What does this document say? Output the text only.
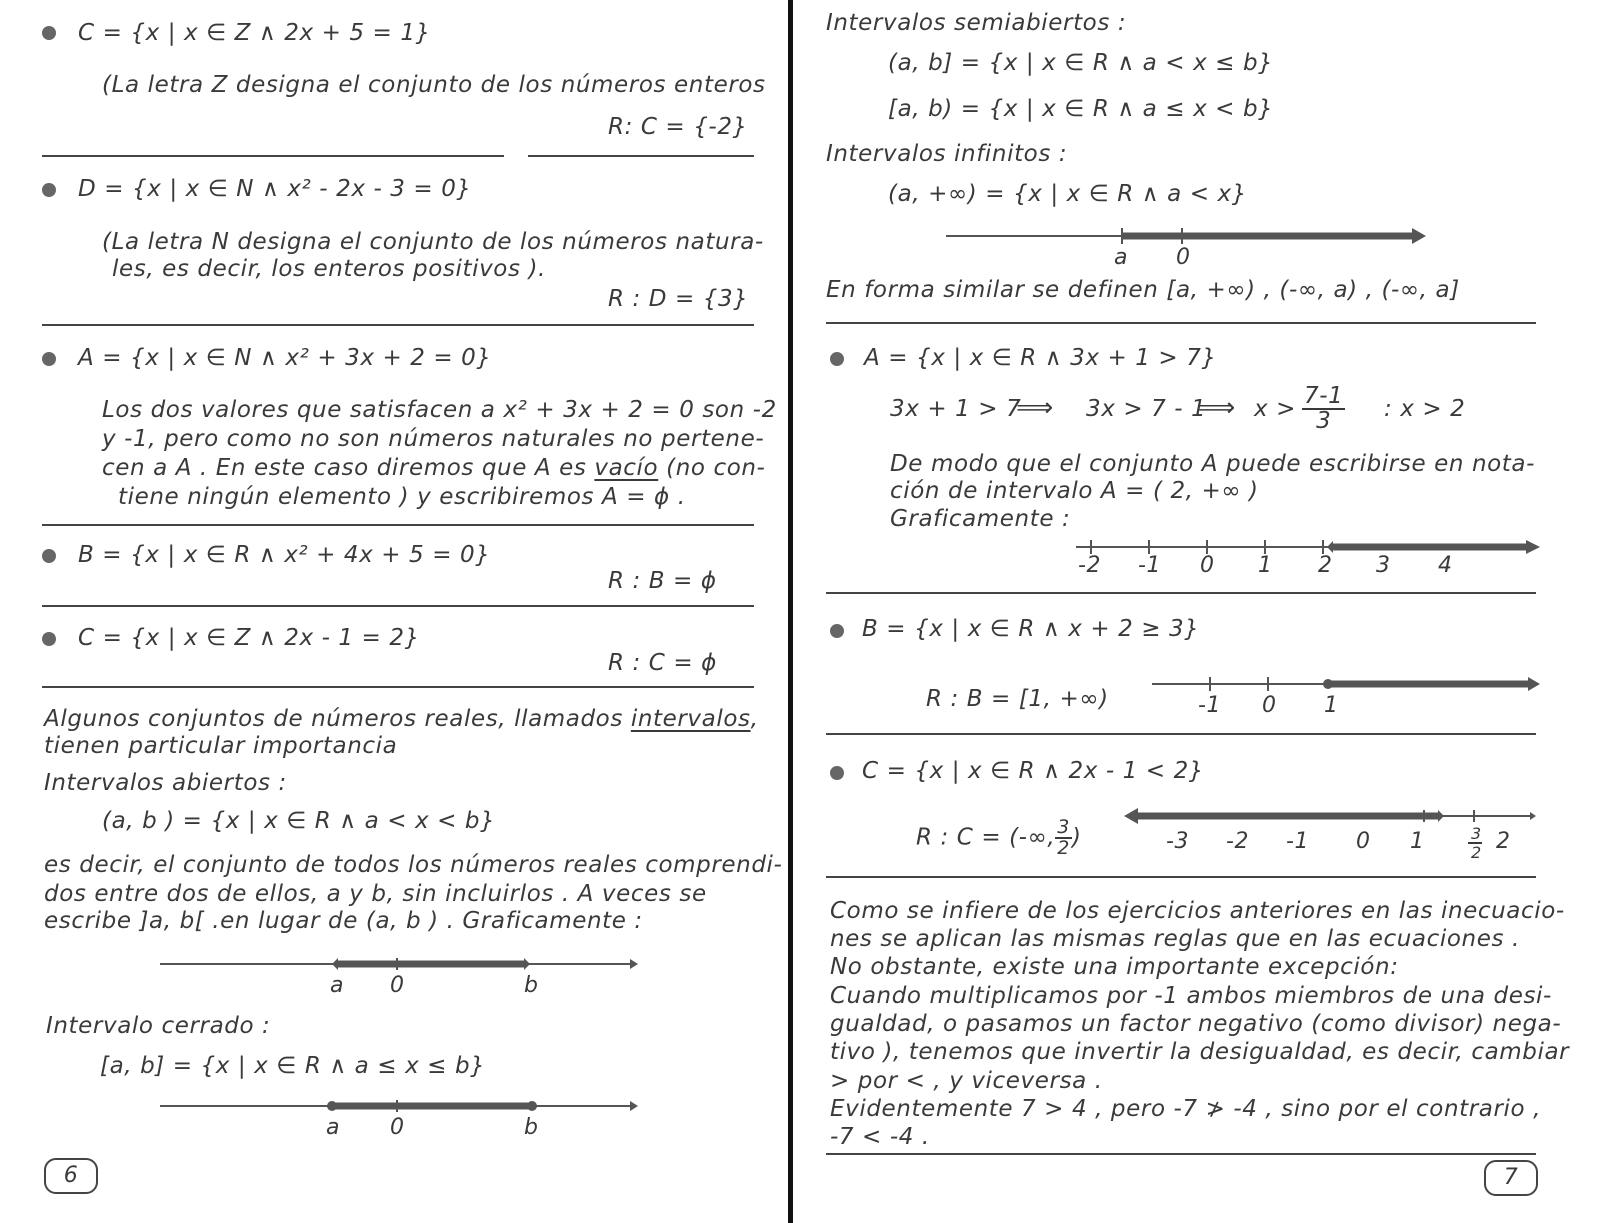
C = {x | x ∈ Z ∧ 2x + 5 = 1}
(La letra Z designa el conjunto de los números enteros
R: C = {-2}
D = {x | x ∈ N ∧ x² - 2x - 3 = 0}
(La letra N designa el conjunto de los números natura-
les, es decir, los enteros positivos ).
R : D = {3}
A = {x | x ∈ N ∧ x² + 3x + 2 = 0}
Los dos valores que satisfacen a x² + 3x + 2 = 0 son -2
y -1, pero como no son números naturales no pertene-
cen a A . En este caso diremos que A es vacío (no con-
tiene ningún elemento ) y escribiremos A = ϕ .
B = {x | x ∈ R ∧ x² + 4x + 5 = 0}
R : B = ϕ
C = {x | x ∈ Z ∧ 2x - 1 = 2}
R : C = ϕ
Algunos conjuntos de números reales, llamados intervalos,
tienen particular importancia
Intervalos abiertos :
(a, b ) = {x | x ∈ R ∧ a < x < b}
es decir, el conjunto de todos los números reales comprendi-
dos entre dos de ellos, a y b, sin incluirlos . A veces se
escribe ]a, b[ .en lugar de (a, b ) . Graficamente :
a 0	b
Intervalo cerrado :
[a, b] = {x | x ∈ R ∧ a ≤ x ≤ b}
a 0	b
6
Intervalos semiabiertos :
(a, b] = {x | x ∈ R ∧ a < x ≤ b}
[a, b) = {x | x ∈ R ∧ a ≤ x < b}
Intervalos infinitos :
(a, +∞) = {x | x ∈ R ∧ a < x}
a 0
En forma similar se definen [a, +∞) , (-∞, a) , (-∞, a]
A = {x | x ∈ R ∧ 3x + 1 > 7}
3x + 1 > 7
⟹ 3x > 7 - 1
⟹ $x > \frac{7-1}{3}$ : x > 2
De modo que el conjunto A puede escribirse en nota-
ción de intervalo A = ( 2, +∞ )
Graficamente :
-2 -1 0 1 2 3 4
B = {x | x ∈ R ∧ x + 2 ≥ 3}
R : B = [1, +∞)	-1 0 1
C = {x | x ∈ R ∧ 2x - 1 < 2}
R : C = (-∞, $\frac{3}{2}$ )	-3 -2 -1 0 1	3
2 2
Como se infiere de los ejercicios anteriores en las inecuacio-
nes se aplican las mismas reglas que en las ecuaciones .
No obstante, existe una importante excepción:
Cuando multiplicamos por -1 ambos miembros de una desi-
gualdad, o pasamos un factor negativo (como divisor) nega-
tivo ), tenemos que invertir la desigualdad, es decir, cambiar
> por < , y viceversa .
Evidentemente 7 > 4 , pero -7 ≯ -4 , sino por el contrario ,
-7 < -4 .
7
